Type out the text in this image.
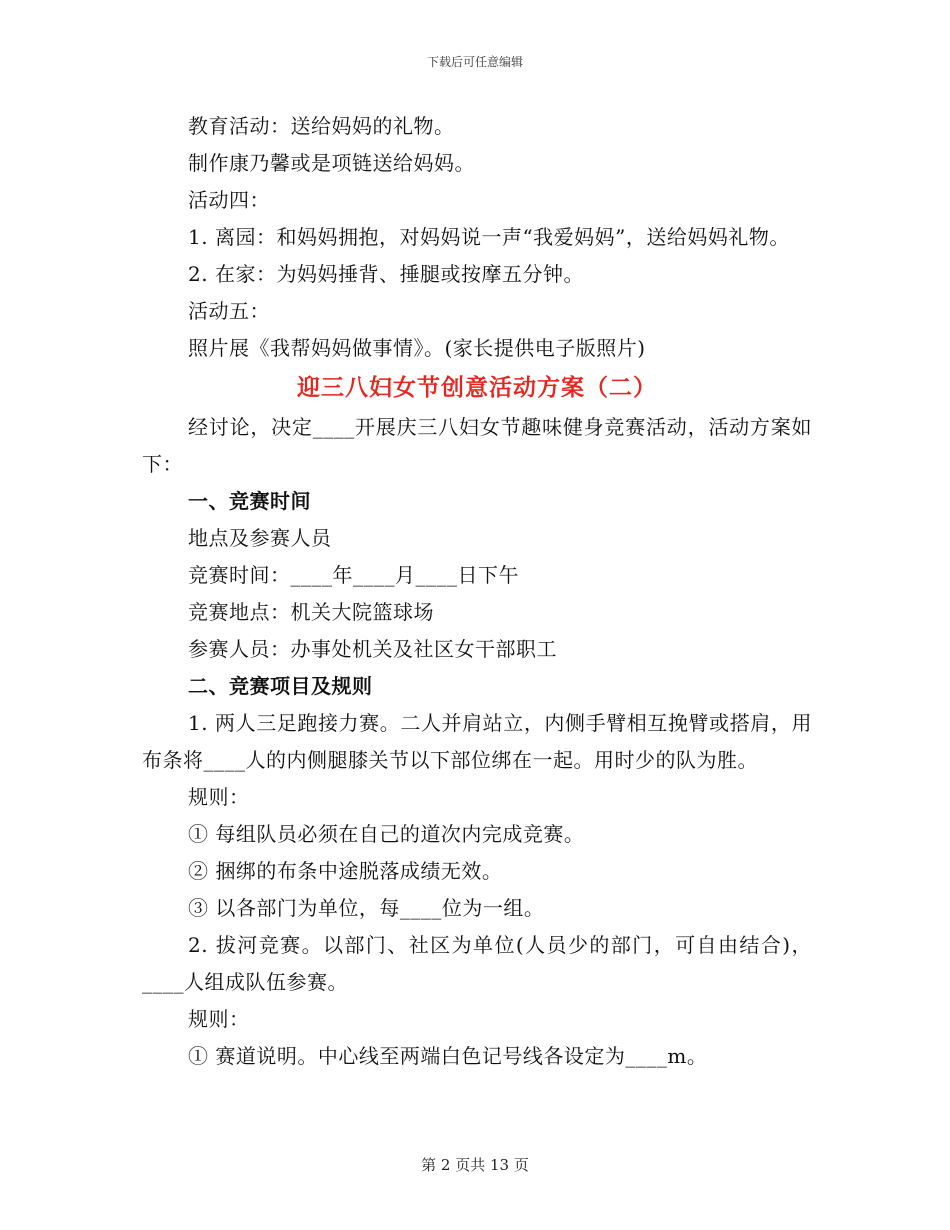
下载后可任意编辑
教育活动：送给妈妈的礼物。
制作康乃馨或是项链送给妈妈。
活动四：
1. 离园：和妈妈拥抱，对妈妈说一声“我爱妈妈”，送给妈妈礼物。
2. 在家：为妈妈捶背、捶腿或按摩五分钟。
活动五：
照片展《我帮妈妈做事情》。(家长提供电子版照片)
迎三八妇女节创意活动方案（二）
经讨论，决定____开展庆三八妇女节趣味健身竞赛活动，活动方案如下：
一、竞赛时间
地点及参赛人员
竞赛时间：____年____月____日下午
竞赛地点：机关大院篮球场
参赛人员：办事处机关及社区女干部职工
二、竞赛项目及规则
1. 两人三足跑接力赛。二人并肩站立，内侧手臂相互挽臂或搭肩，用布条将____人的内侧腿膝关节以下部位绑在一起。用时少的队为胜。
规则：
① 每组队员必须在自己的道次内完成竞赛。
② 捆绑的布条中途脱落成绩无效。
③ 以各部门为单位，每____位为一组。
2. 拔河竞赛。以部门、社区为单位(人员少的部门，可自由结合)，____人组成队伍参赛。
规则：
① 赛道说明。中心线至两端白色记号线各设定为____m。
第 2 页共 13 页
